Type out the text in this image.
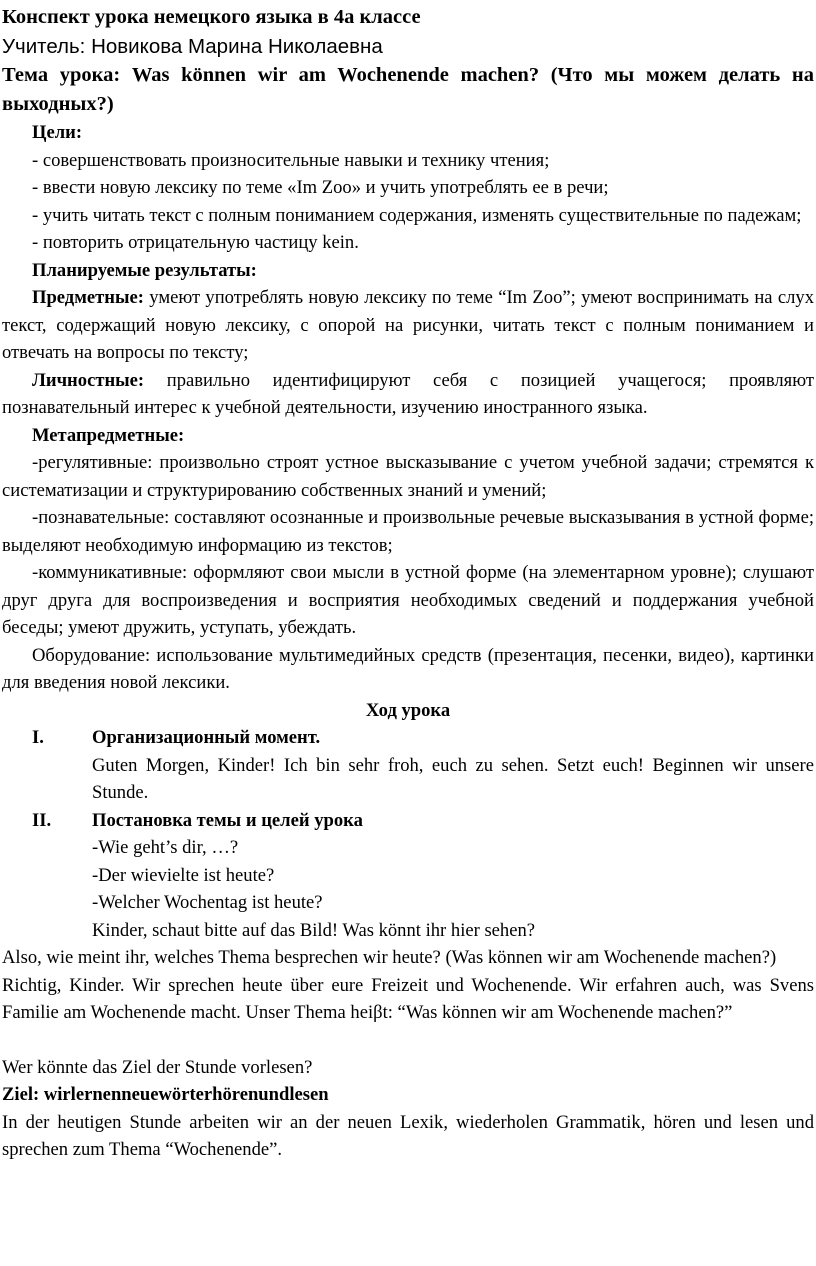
Конспект урока немецкого языка в 4а классе

Учитель: Новикова Марина Николаевна

Тема урока: Was können wir am Wochenende machen? (Что мы можем делать на выходных?)

Цели:

- совершенствовать произносительные навыки и технику чтения;

- ввести новую лексику по теме «Im Zoo» и учить употреблять ее в речи;

- учить читать текст с полным пониманием содержания, изменять существительные по падежам;

- повторить отрицательную частицу kein.

Планируемые результаты:

Предметные: умеют употреблять новую лексику по теме “Im Zoo”; умеют воспринимать на слух текст, содержащий новую лексику, с опорой на рисунки, читать текст с полным пониманием и отвечать на вопросы по тексту;

Личностные: правильно идентифицируют себя с позицией учащегося; проявляют познавательный интерес к учебной деятельности, изучению иностранного языка.

Метапредметные:

-регулятивные: произвольно строят устное высказывание с учетом учебной задачи; стремятся к систематизации и структурированию собственных знаний и умений;

-познавательные: составляют осознанные и произвольные речевые высказывания в устной форме; выделяют необходимую информацию из текстов;

-коммуникативные: оформляют свои мысли в устной форме (на элементарном уровне); слушают друг друга для воспроизведения и восприятия необходимых сведений и поддержания учебной беседы; умеют дружить, уступать, убеждать.

Оборудование: использование мультимедийных средств (презентация, песенки, видео), картинки для введения новой лексики.

Ход урока

I.	Организационный момент.

Guten Morgen, Kinder! Ich bin sehr froh, euch zu sehen. Setzt euch! Beginnen wir unsere Stunde.

II.	Постановка темы и целей урока

-Wie geht’s dir, …?

-Der wievielte ist heute?

-Welcher Wochentag ist heute?

Kinder, schaut bitte auf das Bild! Was könnt ihr hier sehen?

Also, wie meint ihr, welches Thema besprechen wir heute? (Was können wir am Wochenende machen?)

Richtig, Kinder. Wir sprechen heute über eure Freizeit und Wochenende. Wir erfahren auch, was Svens Familie am Wochenende macht. Unser Thema heiβt: “Was können wir am Wochenende machen?”

Wer könnte das Ziel der Stunde vorlesen?

Ziel: wirlernenneuewörterhörenundlesen

In der heutigen Stunde arbeiten wir an der neuen Lexik, wiederholen Grammatik, hören und lesen und sprechen zum Thema “Wochenende”.
